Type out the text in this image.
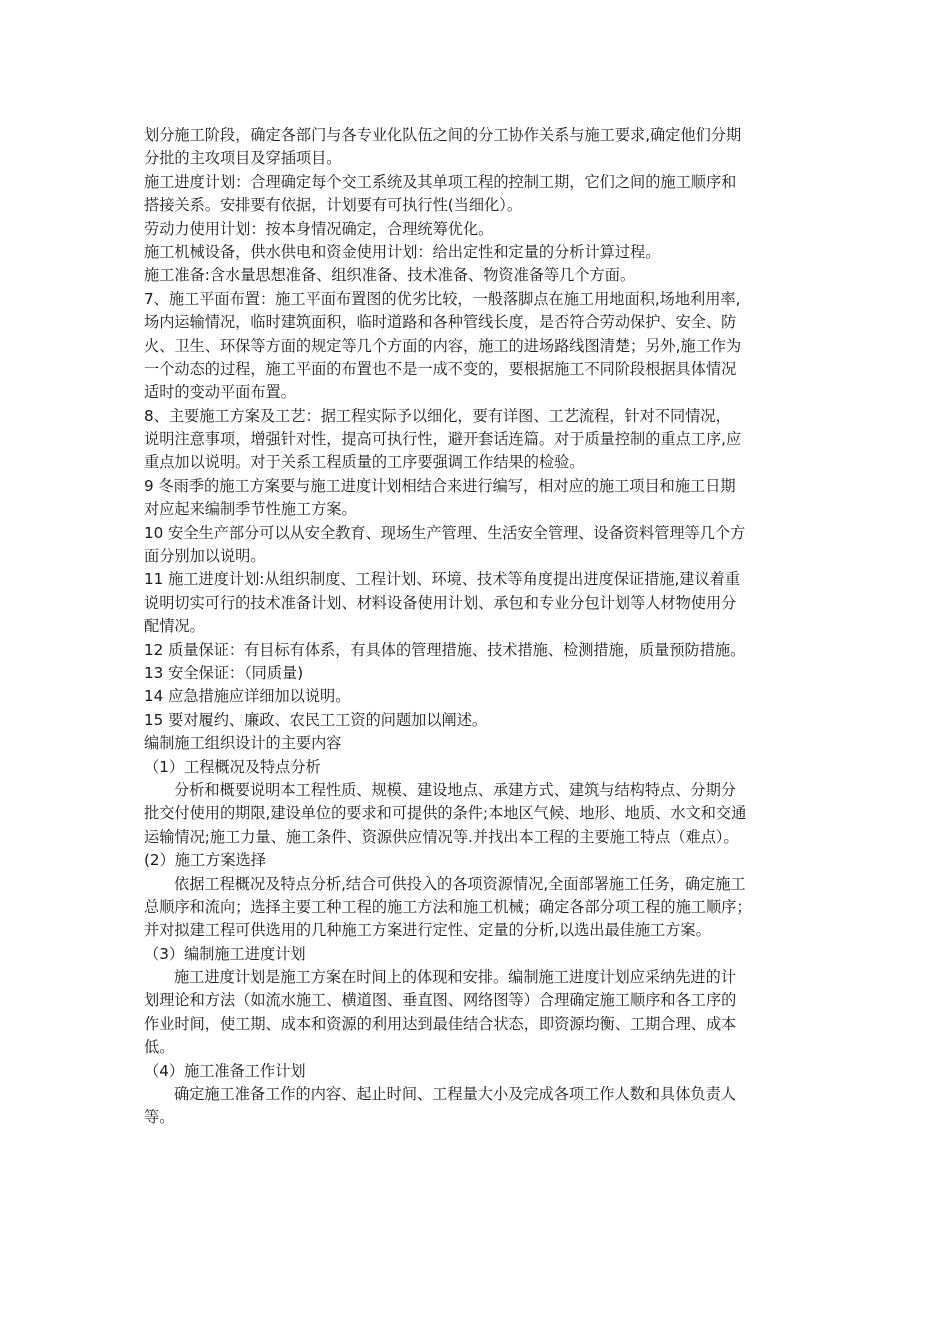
划分施工阶段，确定各部门与各专业化队伍之间的分工协作关系与施工要求,确定他们分期
分批的主攻项目及穿插项目。
施工进度计划：合理确定每个交工系统及其单项工程的控制工期，它们之间的施工顺序和
搭接关系。安排要有依据，计划要有可执行性(当细化）。
劳动力使用计划：按本身情况确定，合理统筹优化。
施工机械设备，供水供电和资金使用计划：给出定性和定量的分析计算过程。
施工准备:含水量思想准备、组织准备、技术准备、物资准备等几个方面。
7、施工平面布置：施工平面布置图的优劣比较，一般落脚点在施工用地面积,场地利用率,
场内运输情况，临时建筑面积，临时道路和各种管线长度，是否符合劳动保护、安全、防
火、卫生、环保等方面的规定等几个方面的内容，施工的进场路线图清楚；另外,施工作为
一个动态的过程，施工平面的布置也不是一成不变的，要根据施工不同阶段根据具体情况
适时的变动平面布置。
8、主要施工方案及工艺：据工程实际予以细化，要有详图、工艺流程，针对不同情况，
说明注意事项，增强针对性，提高可执行性，避开套话连篇。对于质量控制的重点工序,应
重点加以说明。对于关系工程质量的工序要强调工作结果的检验。
9 冬雨季的施工方案要与施工进度计划相结合来进行编写，相对应的施工项目和施工日期
对应起来编制季节性施工方案。
10 安全生产部分可以从安全教育、现场生产管理、生活安全管理、设备资料管理等几个方
面分别加以说明。
11 施工进度计划:从组织制度、工程计划、环境、技术等角度提出进度保证措施,建议着重
说明切实可行的技术准备计划、材料设备使用计划、承包和专业分包计划等人材物使用分
配情况。
12 质量保证：有目标有体系，有具体的管理措施、技术措施、检测措施，质量预防措施。
13 安全保证：（同质量)
14 应急措施应详细加以说明。
15 要对履约、廉政、农民工工资的问题加以阐述。
编制施工组织设计的主要内容
（1）工程概况及特点分析
分析和概要说明本工程性质、规模、建设地点、承建方式、建筑与结构特点、分期分
批交付使用的期限,建设单位的要求和可提供的条件;本地区气候、地形、地质、水文和交通
运输情况;施工力量、施工条件、资源供应情况等.并找出本工程的主要施工特点（难点）。
(2）施工方案选择
依据工程概况及特点分析,结合可供投入的各项资源情况,全面部署施工任务，确定施工
总顺序和流向；选择主要工种工程的施工方法和施工机械；确定各部分项工程的施工顺序；
并对拟建工程可供选用的几种施工方案进行定性、定量的分析,以选出最佳施工方案。
（3）编制施工进度计划
施工进度计划是施工方案在时间上的体现和安排。编制施工进度计划应采纳先进的计
划理论和方法（如流水施工、横道图、垂直图、网络图等）合理确定施工顺序和各工序的
作业时间，使工期、成本和资源的利用达到最佳结合状态，即资源均衡、工期合理、成本
低。
（4）施工准备工作计划
确定施工准备工作的内容、起止时间、工程量大小及完成各项工作人数和具体负责人
等。
